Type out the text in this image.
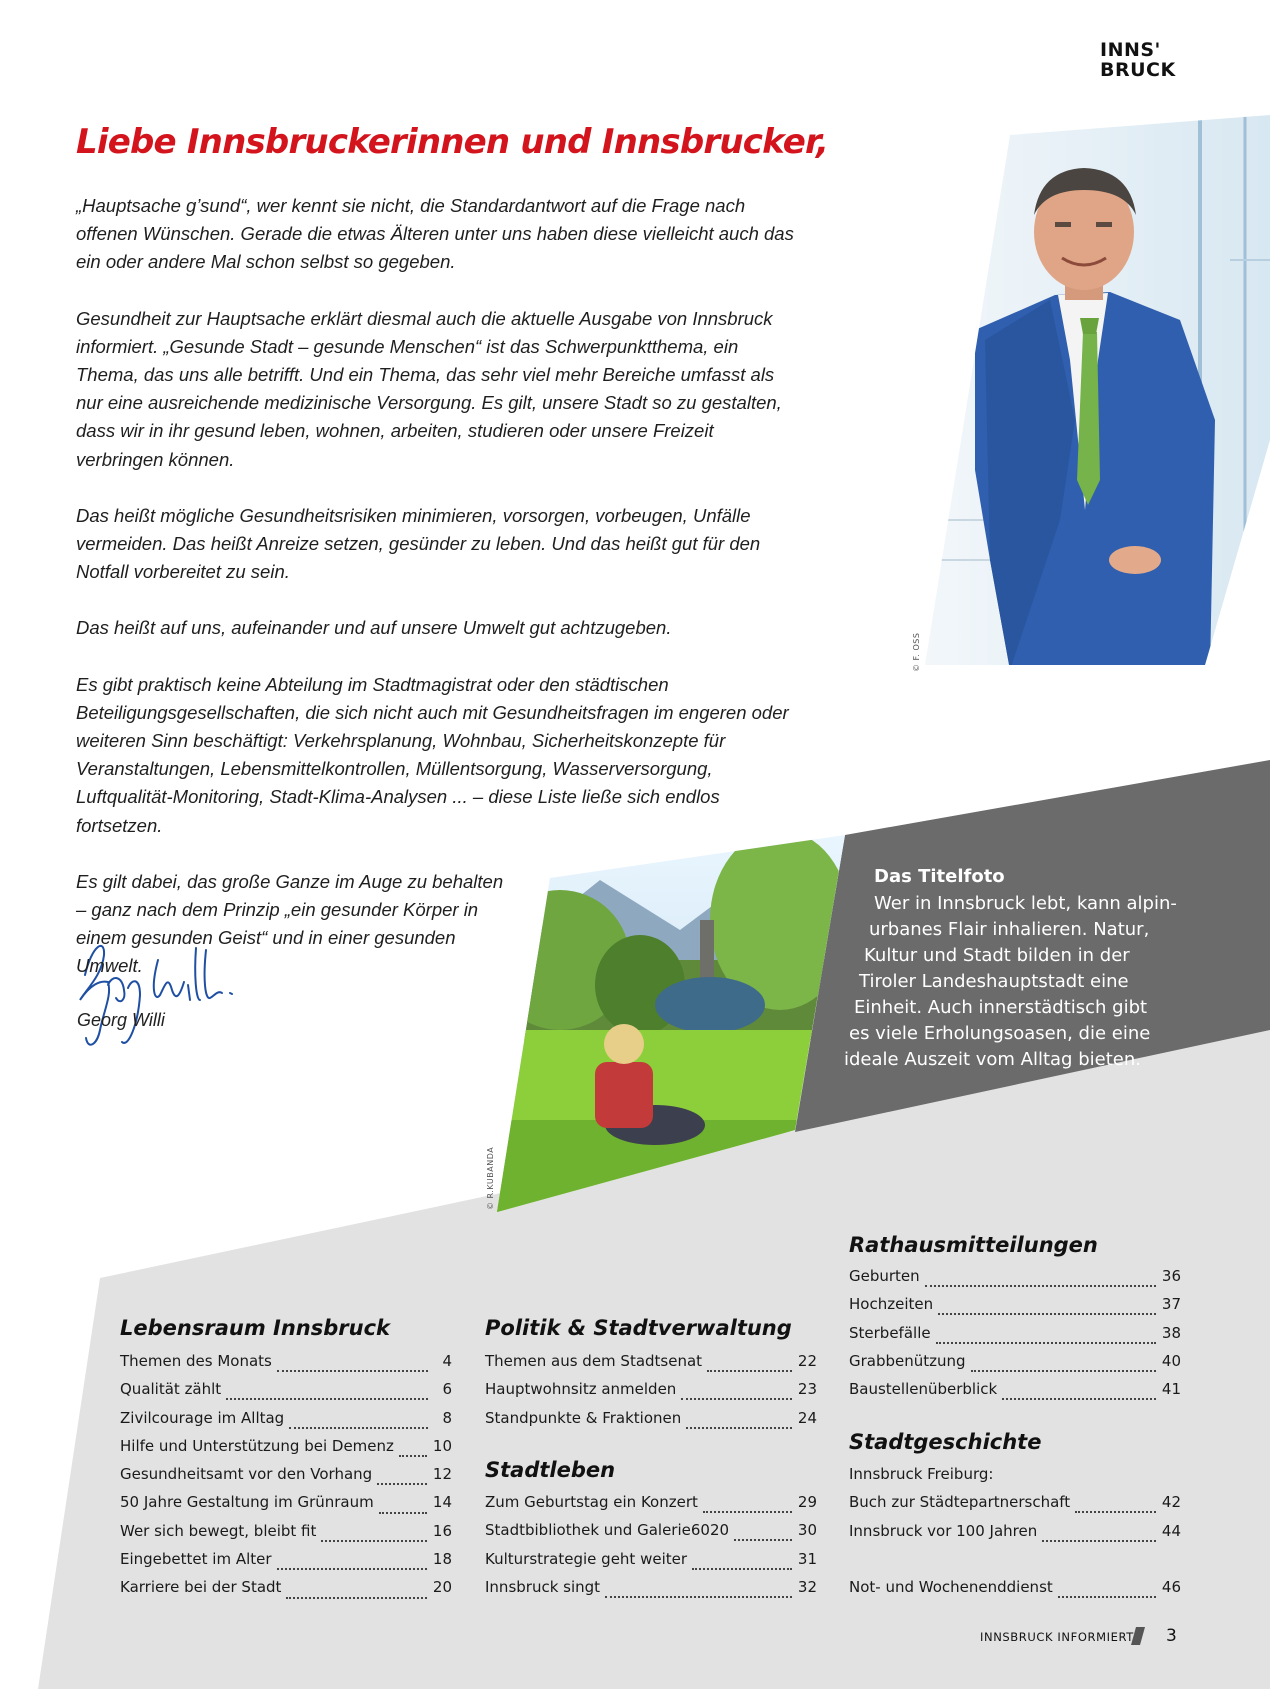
INNS'
BRUCK
Liebe Innsbruckerinnen und Innsbrucker,

„Hauptsache g’sund“, wer kennt sie nicht, die Standardantwort auf die Frage nach offenen Wünschen. Gerade die etwas Älteren unter uns haben diese vielleicht auch das ein oder andere Mal schon selbst so gegeben.

Gesundheit zur Hauptsache erklärt diesmal auch die aktuelle Ausgabe von Innsbruck informiert. „Gesunde Stadt – gesunde Menschen“ ist das Schwerpunktthema, ein Thema, das uns alle betrifft. Und ein Thema, das sehr viel mehr Bereiche umfasst als nur eine ausreichende medizinische Versorgung. Es gilt, unsere Stadt so zu gestalten, dass wir in ihr gesund leben, wohnen, arbeiten, studieren oder unsere Freizeit verbringen können.

Das heißt mögliche Gesundheitsrisiken minimieren, vorsorgen, vorbeugen, Unfälle vermeiden. Das heißt Anreize setzen, gesünder zu leben. Und das heißt gut für den Notfall vorbereitet zu sein.

Das heißt auf uns, aufeinander und auf unsere Umwelt gut achtzugeben.

Es gibt praktisch keine Abteilung im Stadtmagistrat oder den städtischen Beteiligungsgesellschaften, die sich nicht auch mit Gesundheitsfragen im engeren oder weiteren Sinn beschäftigt: Verkehrsplanung, Wohnbau, Sicherheitskonzepte für Veranstaltungen, Lebensmittelkontrollen, Müllentsorgung, Wasserversorgung, Luftqualität-Monitoring, Stadt-Klima-Analysen ... – diese Liste ließe sich endlos fortsetzen.

Es gilt dabei, das große Ganze im Auge zu behalten – ganz nach dem Prinzip „ein gesunder Körper in einem gesunden Geist“ und in einer gesunden Umwelt.

Georg Willi
© F. OSS
© R.KUBANDA
Das Titelfoto
Wer in Innsbruck lebt, kann alpin-
urbanes Flair inhalieren. Natur,
Kultur und Stadt bilden in der
Tiroler Landeshauptstadt eine
Einheit. Auch innerstädtisch gibt
es viele Erholungsoasen, die eine
ideale Auszeit vom Alltag bieten.
Lebensraum Innsbruck
Themen des Monats	4
Qualität zählt	6
Zivilcourage im Alltag	8
Hilfe und Unterstützung bei Demenz	10
Gesundheitsamt vor den Vorhang	12
50 Jahre Gestaltung im Grünraum	14
Wer sich bewegt, bleibt fit	16
Eingebettet im Alter	18
Karriere bei der Stadt	20
Politik & Stadtverwaltung
Themen aus dem Stadtsenat	22
Hauptwohnsitz anmelden	23
Standpunkte & Fraktionen	24
Stadtleben
Zum Geburtstag ein Konzert	29
Stadtbibliothek und Galerie6020	30
Kulturstrategie geht weiter	31
Innsbruck singt	32
Rathausmitteilungen
Geburten	36
Hochzeiten	37
Sterbefälle	38
Grabbenützung	40
Baustellenüberblick	41
Stadtgeschichte
Innsbruck Freiburg:
Buch zur Städtepartnerschaft	42
Innsbruck vor 100 Jahren	44
Not- und Wochenenddienst	46
INNSBRUCK INFORMIERT 3
